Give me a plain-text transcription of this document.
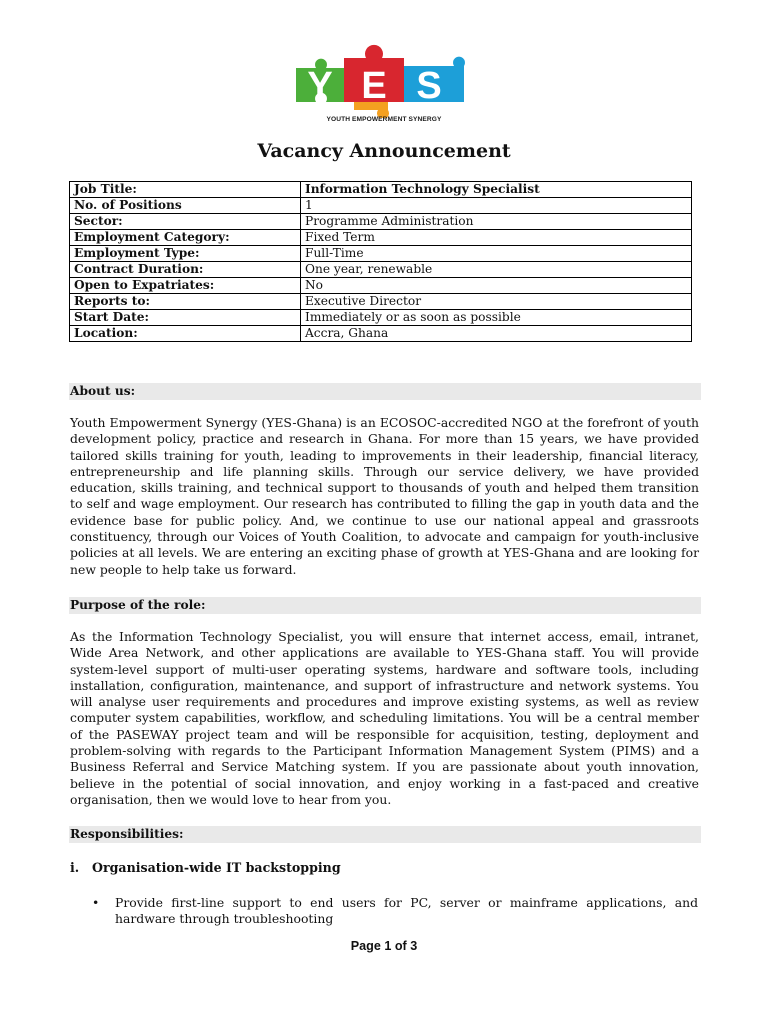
Y E S
YOUTH EMPOWERMENT SYNERGY
Vacancy Announcement
Job Title:	Information Technology Specialist
No. of Positions	1
Sector:	Programme Administration
Employment Category:	Fixed Term
Employment Type:	Full-Time
Contract Duration:	One year, renewable
Open to Expatriates:	No
Reports to:	Executive Director
Start Date:	Immediately or as soon as possible
Location:	Accra, Ghana
About us:
Youth Empowerment Synergy (YES-Ghana) is an ECOSOC-accredited NGO at the forefront of youth development policy, practice and research in Ghana. For more than 15 years, we have provided tailored skills training for youth, leading to improvements in their leadership, financial literacy, entrepreneurship and life planning skills. Through our service delivery, we have provided education, skills training, and technical support to thousands of youth and helped them transition to self and wage employment. Our research has contributed to filling the gap in youth data and the evidence base for public policy. And, we continue to use our national appeal and grassroots constituency, through our Voices of Youth Coalition, to advocate and campaign for youth-inclusive policies at all levels. We are entering an exciting phase of growth at YES-Ghana and are looking for new people to help take us forward.
Purpose of the role:
As the Information Technology Specialist, you will ensure that internet access, email, intranet, Wide Area Network, and other applications are available to YES-Ghana staff. You will provide system-level support of multi-user operating systems, hardware and software tools, including installation, configuration, maintenance, and support of infrastructure and network systems. You will analyse user requirements and procedures and improve existing systems, as well as review computer system capabilities, workflow, and scheduling limitations. You will be a central member of the PASEWAY project team and will be responsible for acquisition, testing, deployment and problem-solving with regards to the Participant Information Management System (PIMS) and a Business Referral and Service Matching system. If you are passionate about youth innovation, believe in the potential of social innovation, and enjoy working in a fast-paced and creative organisation, then we would love to hear from you.
Responsibilities:
i. Organisation-wide IT backstopping
• Provide first-line support to end users for PC, server or mainframe applications, and hardware through troubleshooting
Page 1 of 3
